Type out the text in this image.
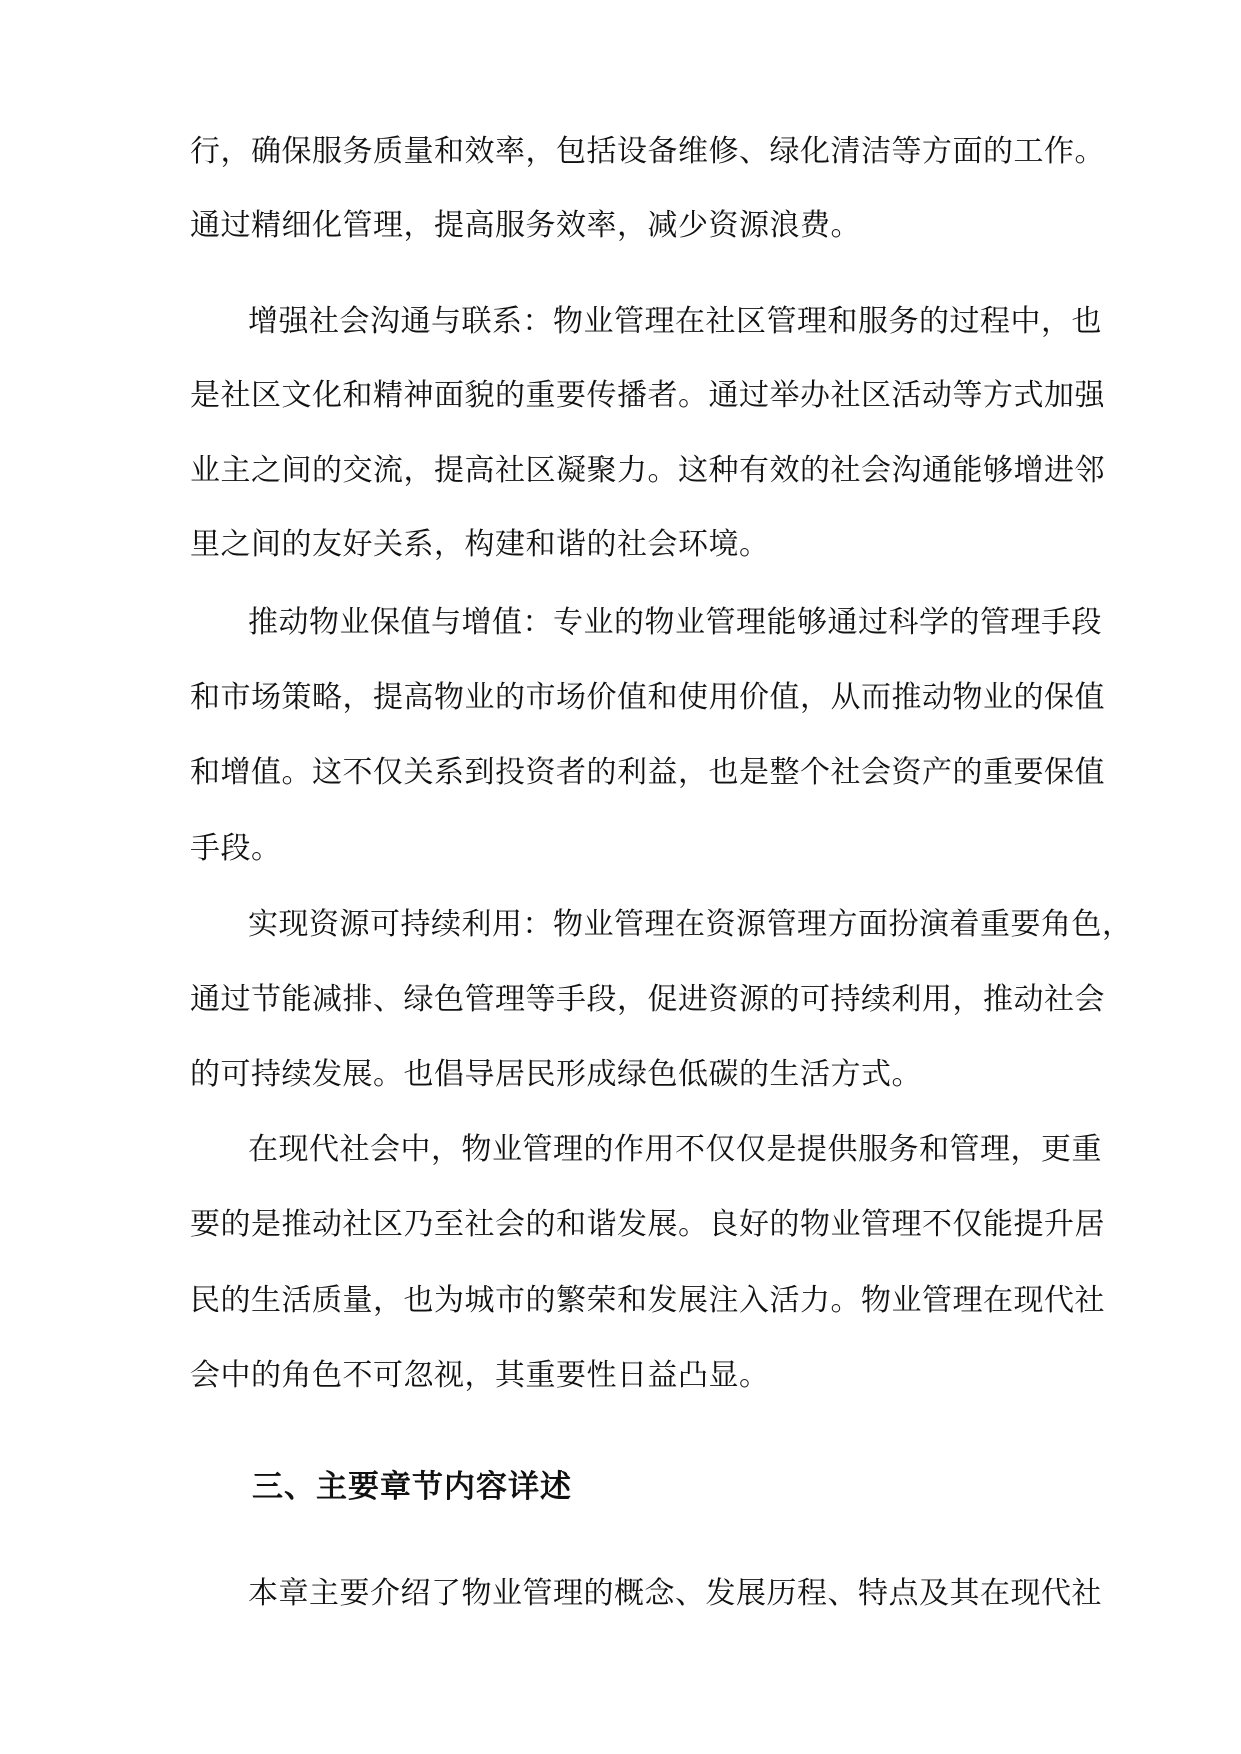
行，确保服务质量和效率，包括设备维修、绿化清洁等方面的工作。
通过精细化管理，提高服务效率，减少资源浪费。
增强社会沟通与联系：物业管理在社区管理和服务的过程中，也
是社区文化和精神面貌的重要传播者。通过举办社区活动等方式加强
业主之间的交流，提高社区凝聚力。这种有效的社会沟通能够增进邻
里之间的友好关系，构建和谐的社会环境。
推动物业保值与增值：专业的物业管理能够通过科学的管理手段
和市场策略，提高物业的市场价值和使用价值，从而推动物业的保值
和增值。这不仅关系到投资者的利益，也是整个社会资产的重要保值
手段。
实现资源可持续利用：物业管理在资源管理方面扮演着重要角色，
通过节能减排、绿色管理等手段，促进资源的可持续利用，推动社会
的可持续发展。也倡导居民形成绿色低碳的生活方式。
在现代社会中，物业管理的作用不仅仅是提供服务和管理，更重
要的是推动社区乃至社会的和谐发展。良好的物业管理不仅能提升居
民的生活质量，也为城市的繁荣和发展注入活力。物业管理在现代社
会中的角色不可忽视，其重要性日益凸显。
三、主要章节内容详述
本章主要介绍了物业管理的概念、发展历程、特点及其在现代社
